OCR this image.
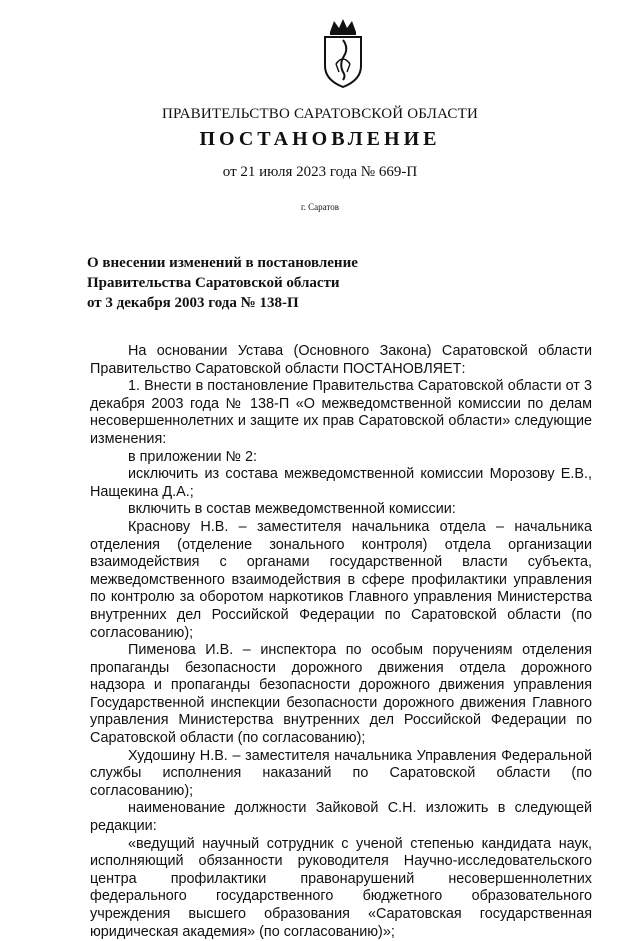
ПРАВИТЕЛЬСТВО САРАТОВСКОЙ ОБЛАСТИ
ПОСТАНОВЛЕНИЕ
от 21 июля 2023 года № 669-П
г. Саратов
О внесении изменений в постановление
Правительства Саратовской области
от 3 декабря 2003 года № 138-П

На основании Устава (Основного Закона) Саратовской области Правительство Саратовской области ПОСТАНОВЛЯЕТ:

1. Внести в постановление Правительства Саратовской области от 3 декабря 2003 года № 138-П «О межведомственной комиссии по делам несовершеннолетних и защите их прав Саратовской области» следующие изменения:

в приложении № 2:

исключить из состава межведомственной комиссии Морозову Е.В., Нащекина Д.А.;

включить в состав межведомственной комиссии:

Краснову Н.В. – заместителя начальника отдела – начальника отделения (отделение зонального контроля) отдела организации взаимодействия с органами государственной власти субъекта, межведомственного взаимодействия в сфере профилактики управления по контролю за оборотом наркотиков Главного управления Министерства внутренних дел Российской Федерации по Саратовской области (по согласованию);

Пименова И.В. – инспектора по особым поручениям отделения пропаганды безопасности дорожного движения отдела дорожного надзора и пропаганды безопасности дорожного движения управления Государственной инспекции безопасности дорожного движения Главного управления Министерства внутренних дел Российской Федерации по Саратовской области (по согласованию);

Худошину Н.В. – заместителя начальника Управления Федеральной службы исполнения наказаний по Саратовской области (по согласованию);

наименование должности Зайковой С.Н. изложить в следующей редакции:

«ведущий научный сотрудник с ученой степенью кандидата наук, исполняющий обязанности руководителя Научно-исследовательского центра профилактики правонарушений несовершеннолетних федерального государственного бюджетного образовательного учреждения высшего образования «Саратовская государственная юридическая академия» (по согласованию)»;
